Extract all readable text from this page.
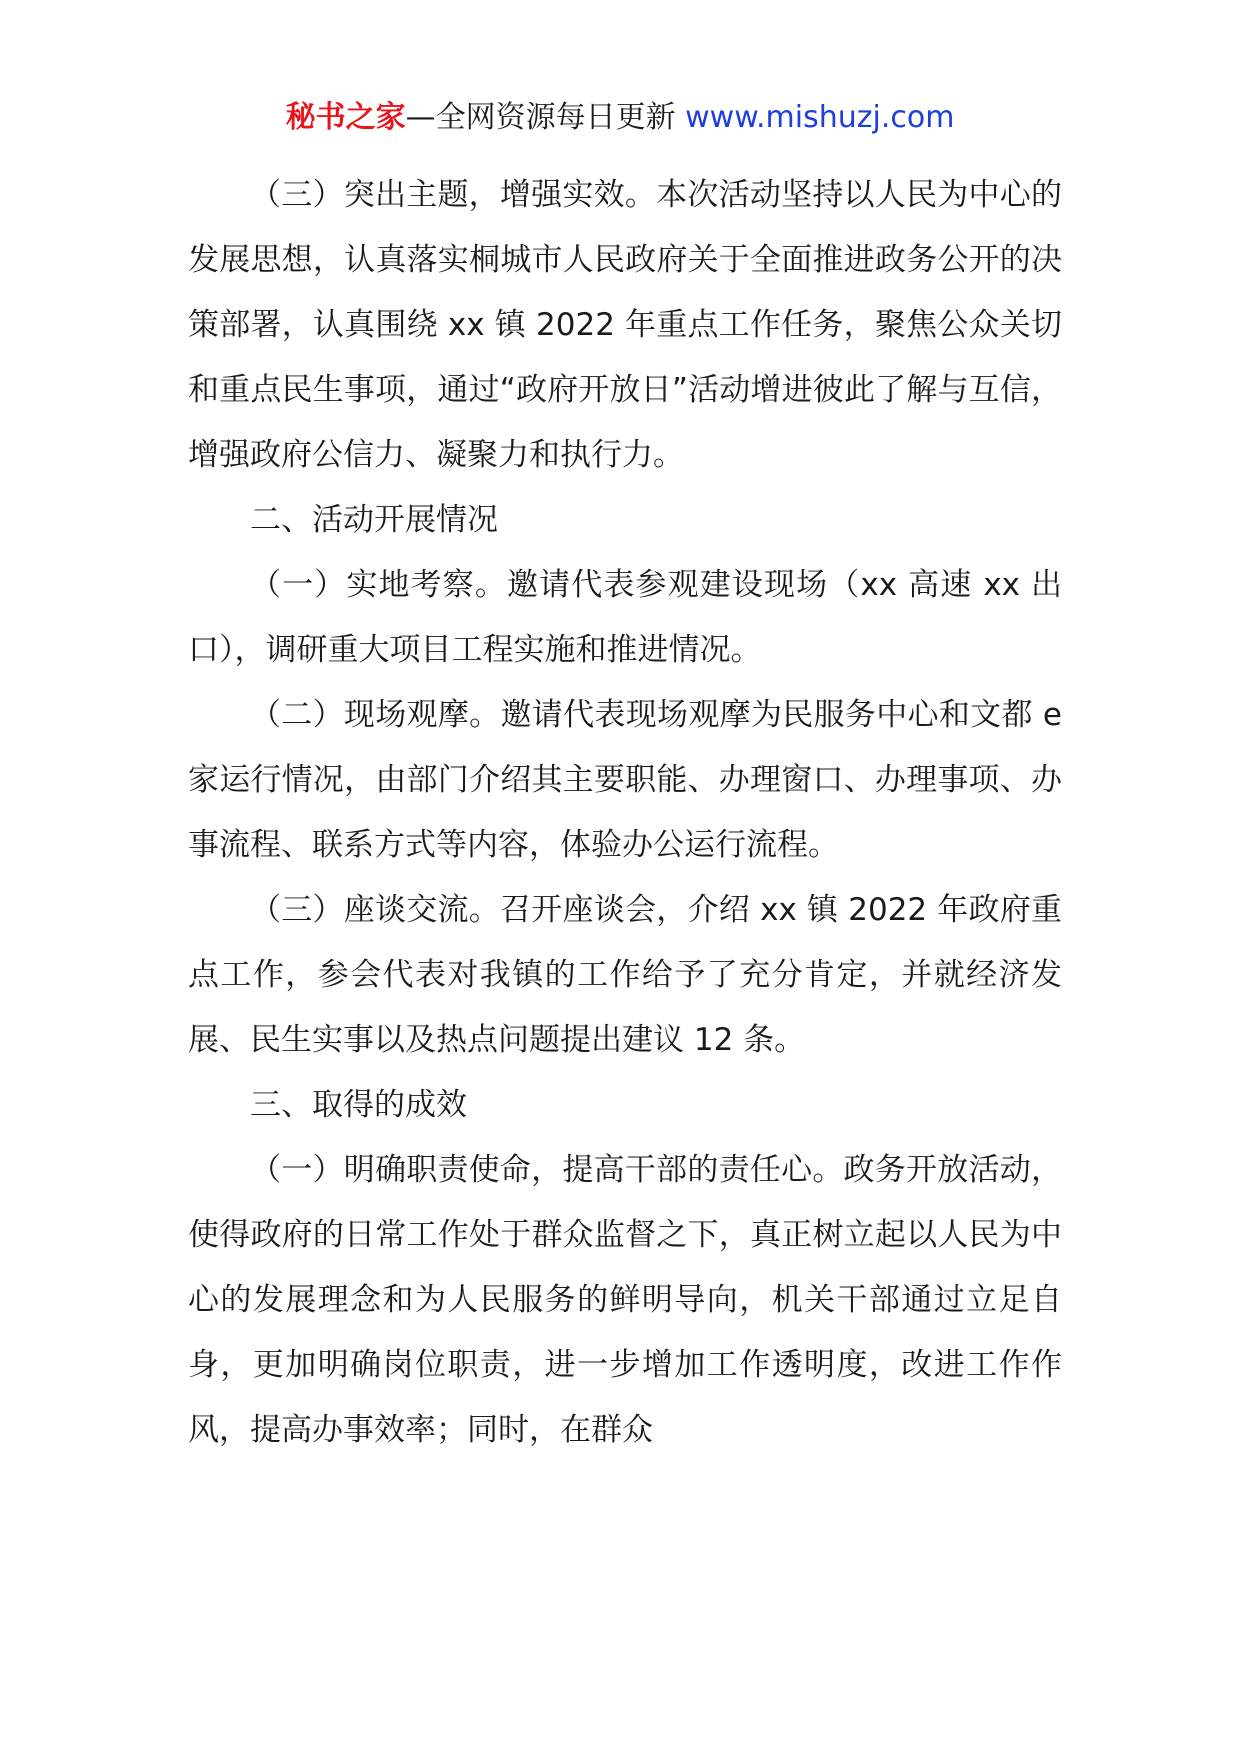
秘书之家—全网资源每日更新 www.mishuzj.com

（三）突出主题，增强实效。本次活动坚持以人民为中心的发展思想，认真落实桐城市人民政府关于全面推进政务公开的决策部署，认真围绕 xx 镇 2022 年重点工作任务，聚焦公众关切和重点民生事项，通过“政府开放日”活动增进彼此了解与互信，增强政府公信力、凝聚力和执行力。

二、活动开展情况

（一）实地考察。邀请代表参观建设现场（xx 高速 xx 出口），调研重大项目工程实施和推进情况。

（二）现场观摩。邀请代表现场观摩为民服务中心和文都 e 家运行情况，由部门介绍其主要职能、办理窗口、办理事项、办事流程、联系方式等内容，体验办公运行流程。

（三）座谈交流。召开座谈会，介绍 xx 镇 2022 年政府重点工作，参会代表对我镇的工作给予了充分肯定，并就经济发展、民生实事以及热点问题提出建议 12 条。

三、取得的成效

（一）明确职责使命，提高干部的责任心。政务开放活动，使得政府的日常工作处于群众监督之下，真正树立起以人民为中心的发展理念和为人民服务的鲜明导向，机关干部通过立足自身，更加明确岗位职责，进一步增加工作透明度，改进工作作风，提高办事效率；同时，在群众
